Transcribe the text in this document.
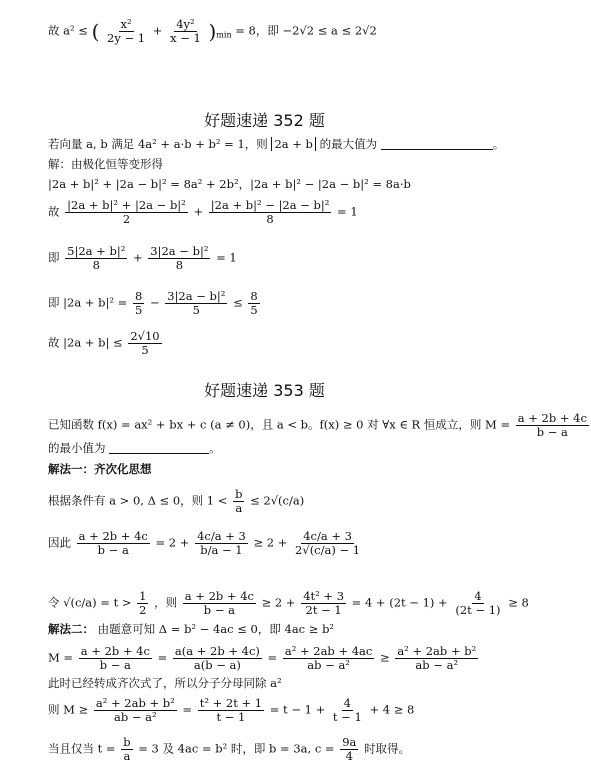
故 a² ≤ ( $\frac{\text{x²}}{2y - 1} + \frac{\text{4y²}}{x - 1} )_{min} = 8$，即 −2√2 ≤ a ≤ 2√2
好题速递 352 题
若向量 a, b 满足 4a² + a·b + b² = 1，则 2a + b 的最大值为	。
解：由极化恒等变形得
|2a + b|² + |2a − b|² = 8a² + 2b²，|2a + b|² − |2a − b|² = 8a·b
故 $\frac{\text{|2a + b|² + |2a − b|²}}{2} + \frac{\text{|2a + b|² − |2a − b|²}}{8} = 1$
即 $\frac{\text{5|2a + b|²}}{8} + \frac{\text{3|2a − b|²}}{8} = 1$
即 $|2a + b|^2 = \frac{8}{5} - \frac{\text{3|2a − b|²}}{5} \le \frac{8}{5}$
故 $|2a + b| \le \frac{2√10}{5}$
好题速递 353 题
已知函数 f(x) = ax² + bx + c (a ≠ 0)，且 a < b。f(x) ≥ 0 对 ∀x ∈ R 恒成立，则 $M = \frac{a + 2b + 4c}{b - a}$
的最小值为	。
解法一：齐次化思想
根据条件有 a > 0, Δ ≤ 0，则 $1 < \frac{b}{a} \le 2√(c/a)$
因此 $\frac{a + 2b + 4c}{b - a} = 2 + \frac{4c/a + 3}{b/a - 1} \ge 2 + \frac{4c/a + 3}{2√(c/a) - 1}$
令 $√(c/a) = t > \frac{1}{2}$ ，则 $\frac{a + 2b + 4c}{b - a} \ge 2 + \frac{\text{4t² + 3}}{2t - 1} = 4 + (2t - 1) + \frac{4}{(2t - 1)} \ge 8$
解法二： 由题意可知 Δ = b² − 4ac ≤ 0，即 4ac ≥ b²
$M = \frac{a + 2b + 4c}{b - a} = \frac{a(a + 2b + 4c)}{a(b - a)} = \frac{\text{a² + 2ab + 4ac}}{\text{ab − a²}} \ge \frac{\text{a² + 2ab + b²}}{\text{ab − a²}}$
此时已经转成齐次式了，所以分子分母同除 a²
则 $M \ge \frac{\text{a² + 2ab + b²}}{\text{ab − a²}} = \frac{\text{t² + 2t + 1}}{t - 1} = t - 1 + \frac{4}{t - 1} + 4 \ge 8$
当且仅当 $t = \frac{b}{a} = 3$ 及 4ac = b² 时，即 b = 3a, $c = \frac{9a}{4}$ 时取得。
